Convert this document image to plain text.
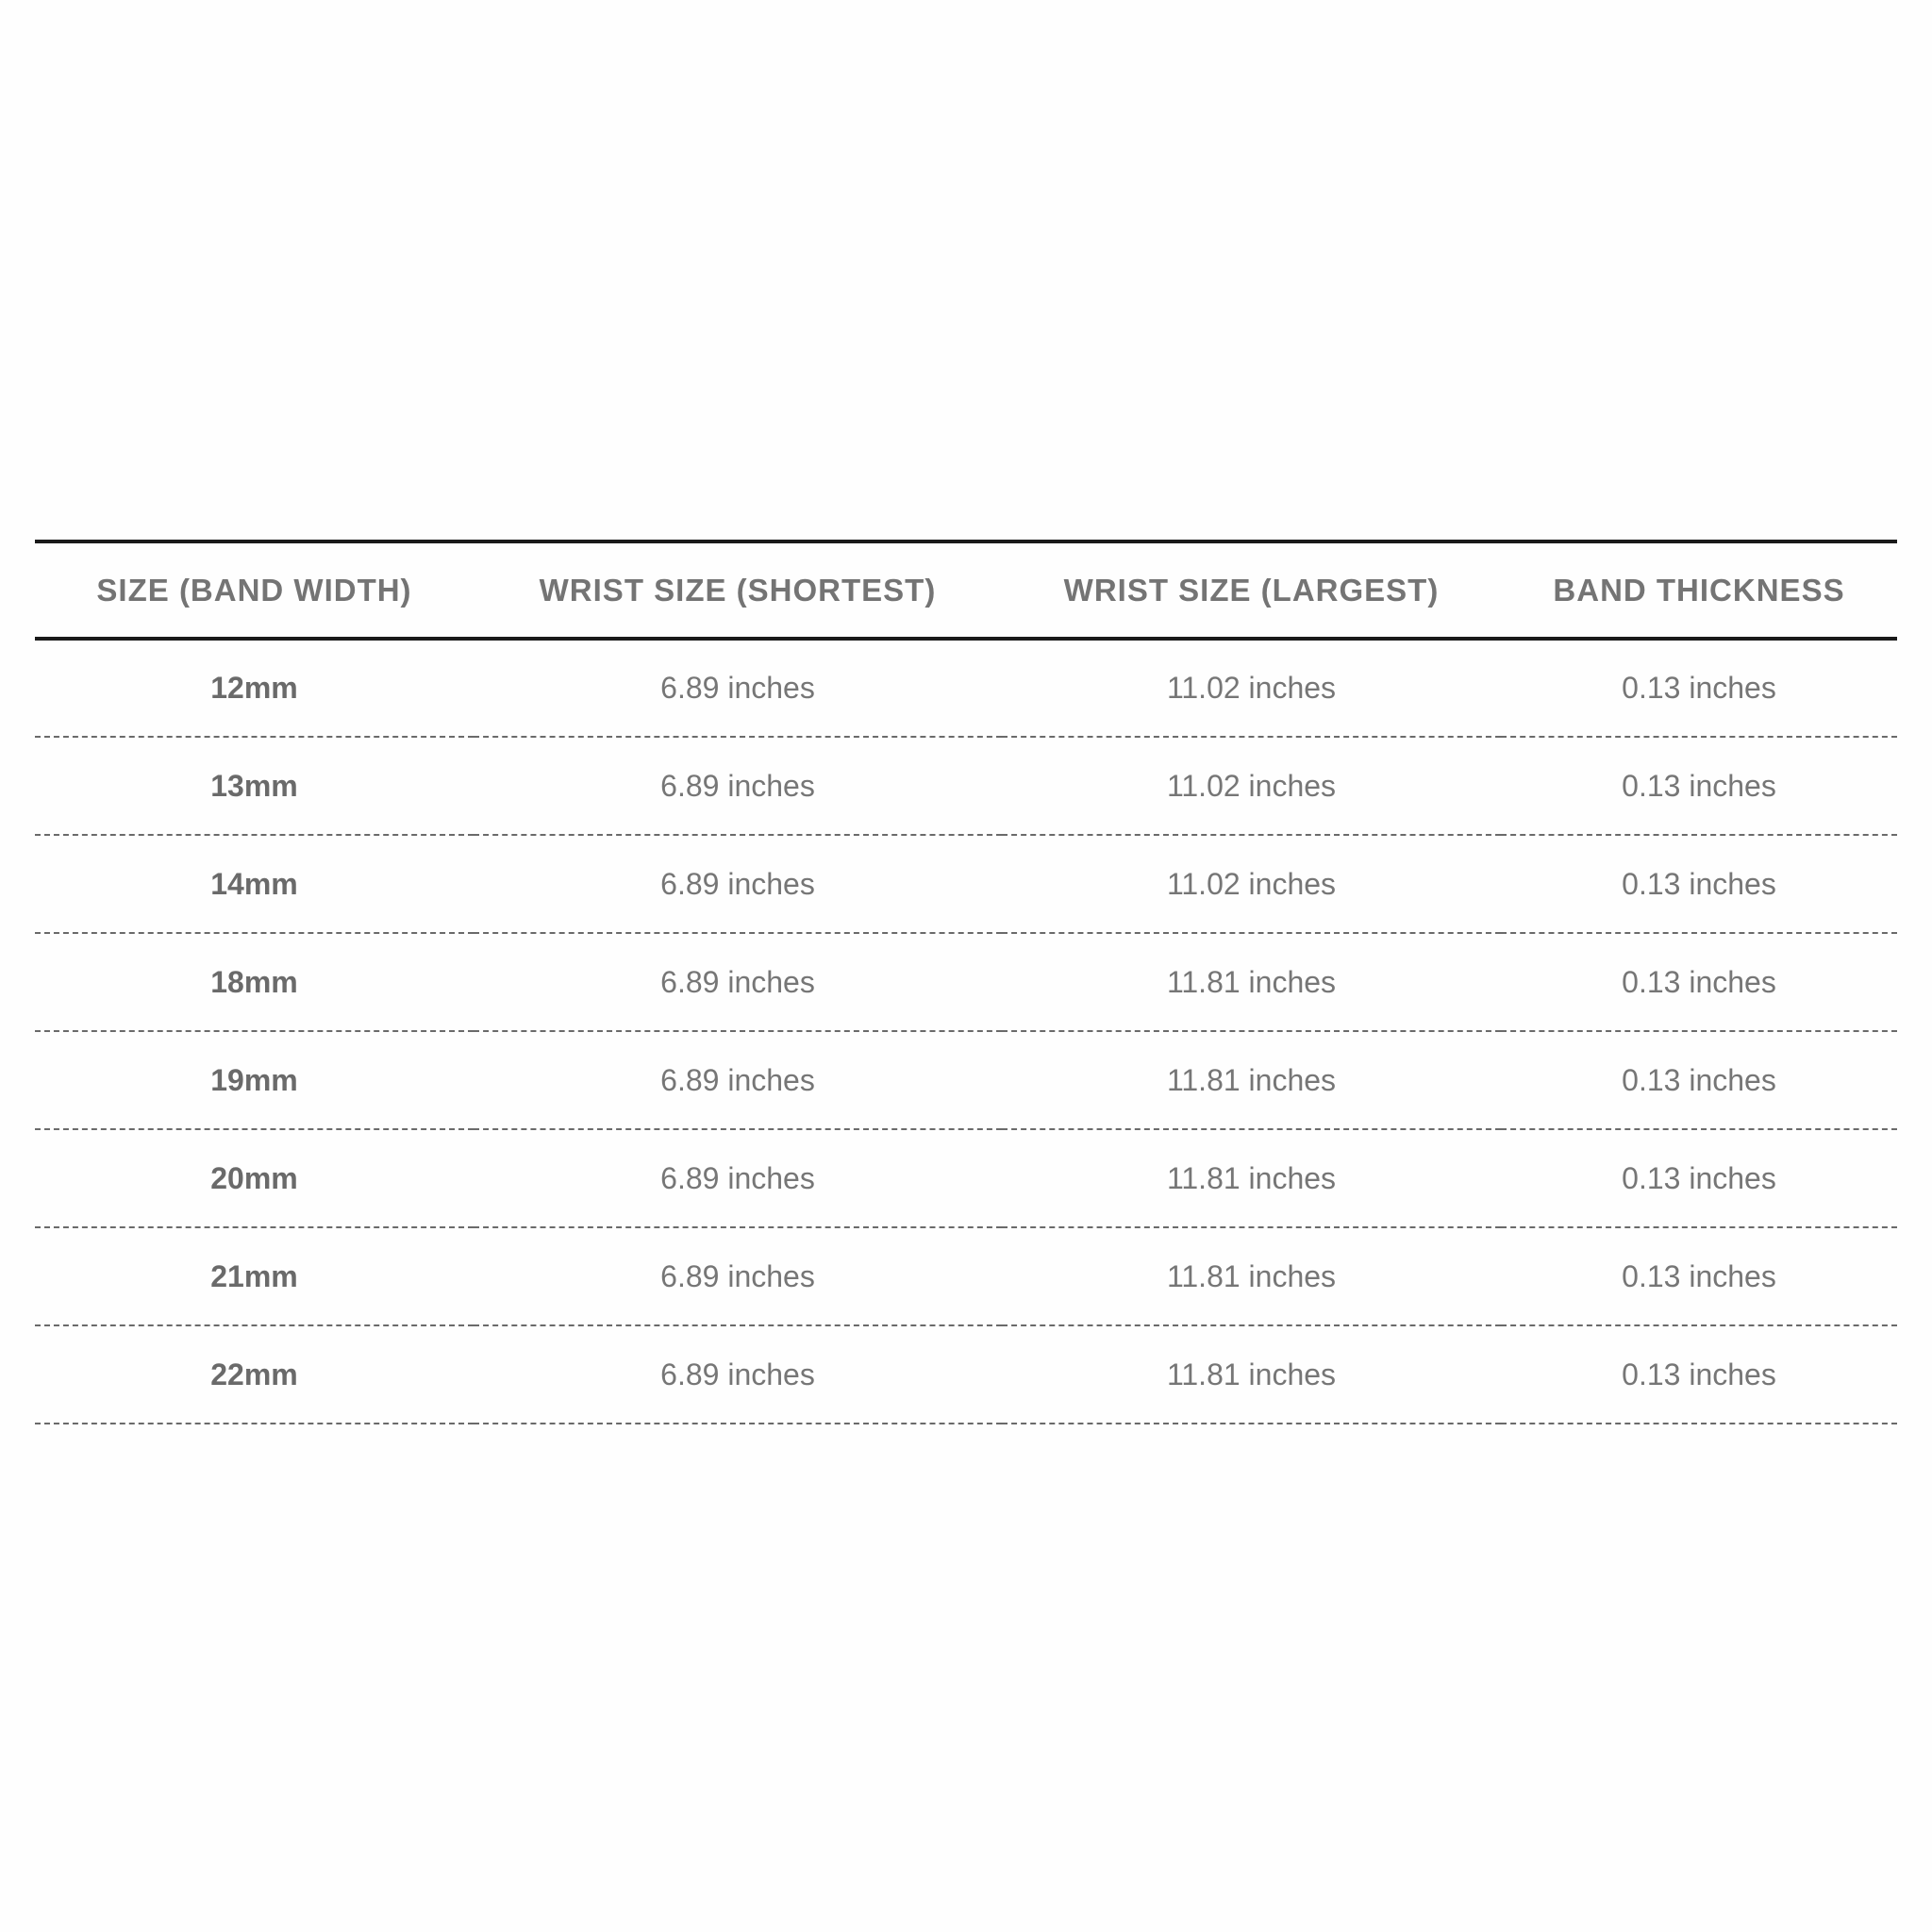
SIZE (BAND WIDTH)	WRIST SIZE (SHORTEST)	WRIST SIZE (LARGEST)	BAND THICKNESS
12mm	6.89 inches	11.02 inches	0.13 inches
13mm	6.89 inches	11.02 inches	0.13 inches
14mm	6.89 inches	11.02 inches	0.13 inches
18mm	6.89 inches	11.81 inches	0.13 inches
19mm	6.89 inches	11.81 inches	0.13 inches
20mm	6.89 inches	11.81 inches	0.13 inches
21mm	6.89 inches	11.81 inches	0.13 inches
22mm	6.89 inches	11.81 inches	0.13 inches
